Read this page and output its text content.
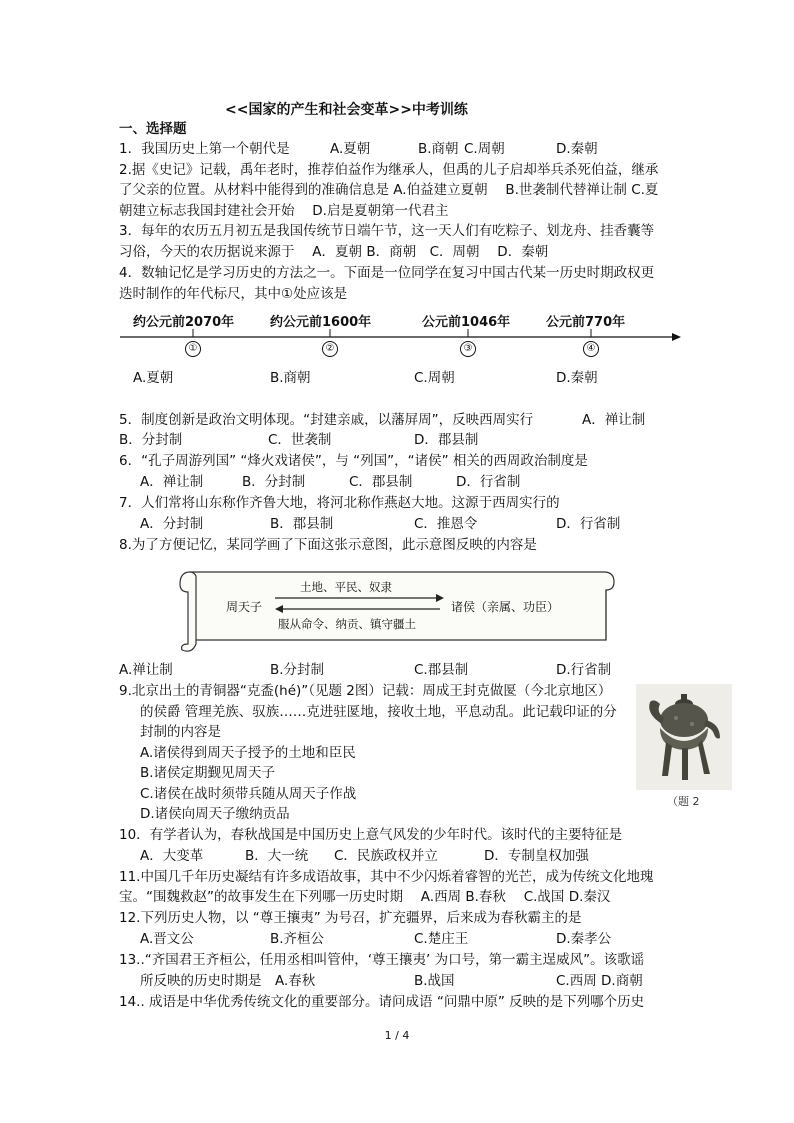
<<国家的产生和社会变革>>中考训练
一、选择题
1．我国历史上第一个朝代是	A.夏朝	B.商朝 C.周朝	D.秦朝
2.据《史记》记载，禹年老时，推荐伯益作为继承人，但禹的儿子启却举兵杀死伯益，继承
了父亲的位置。从材料中能得到的准确信息是 A.伯益建立夏朝　 B.世袭制代替禅让制 C.夏
朝建立标志我国封建社会开始　 D.启是夏朝第一代君主
3．每年的农历五月初五是我国传统节日端午节，这一天人们有吃粽子、划龙舟、挂香囊等
习俗，今天的农历据说来源于　 A．夏朝 B．商朝　C．周朝　 D．秦朝
4．数轴记忆是学习历史的方法之一。下面是一位同学在复习中国古代某一历史时期政权更
迭时制作的年代标尺，其中①处应该是
约公元前2070年	约公元前1600年	公元前1046年	公元前770年
①	②	③	④
A.夏朝	B.商朝	C.周朝	D.秦朝
5．制度创新是政治文明体现。“封建亲戚，以藩屏周”，反映西周实行	A．禅让制
B．分封制	C．世袭制	D．郡县制
6．“孔子周游列国” “烽火戏诸侯”，与 “列国”，“诸侯” 相关的西周政治制度是
A．禅让制	B．分封制	C．郡县制	D．行省制
7．人们常将山东称作齐鲁大地，将河北称作燕赵大地。这源于西周实行的
A．分封制	B．郡县制	C．推恩令	D．行省制
8.为了方便记忆，某同学画了下面这张示意图，此示意图反映的内容是
周天子	诸侯（亲属、功臣）
土地、平民、奴隶
服从命令、纳贡、镇守疆土
A.禅让制	B.分封制	C.郡县制	D.行省制
9.北京出土的青铜器“克盉(hé)”（见题 2图）记载：周成王封克做匽（今北京地区）
的侯爵 管理羌族、驭族……克进驻匽地，接收土地，平息动乱。此记载印证的分
封制的内容是
A.诸侯得到周天子授予的土地和臣民
B.诸侯定期觐见周天子
C.诸侯在战时须带兵随从周天子作战
D.诸侯向周天子缴纳贡品
（题 2
10．有学者认为，春秋战国是中国历史上意气风发的少年时代。该时代的主要特征是
A．大变革	B．大一统 C．民族政权并立	D．专制皇权加强
11.中国几千年历史凝结有许多成语故事，其中不少闪烁着睿智的光芒，成为传统文化地瑰
宝。“围魏救赵”的故事发生在下列哪一历史时期　 A.西周 B.春秋　 C.战国 D.秦汉
12.下列历史人物，以 “尊王攘夷” 为号召，扩充疆界，后来成为春秋霸主的是
A.晋文公	B.齐桓公	C.楚庄王	D.秦孝公
13..“齐国君王齐桓公，任用丞相叫管仲，‘尊王攘夷’ 为口号，第一霸主逞威风”。该歌谣
所反映的历史时期是　A.春秋	B.战国	C.西周 D.商朝
14.. 成语是中华优秀传统文化的重要部分。请问成语 “问鼎中原” 反映的是下列哪个历史
1 / 4
